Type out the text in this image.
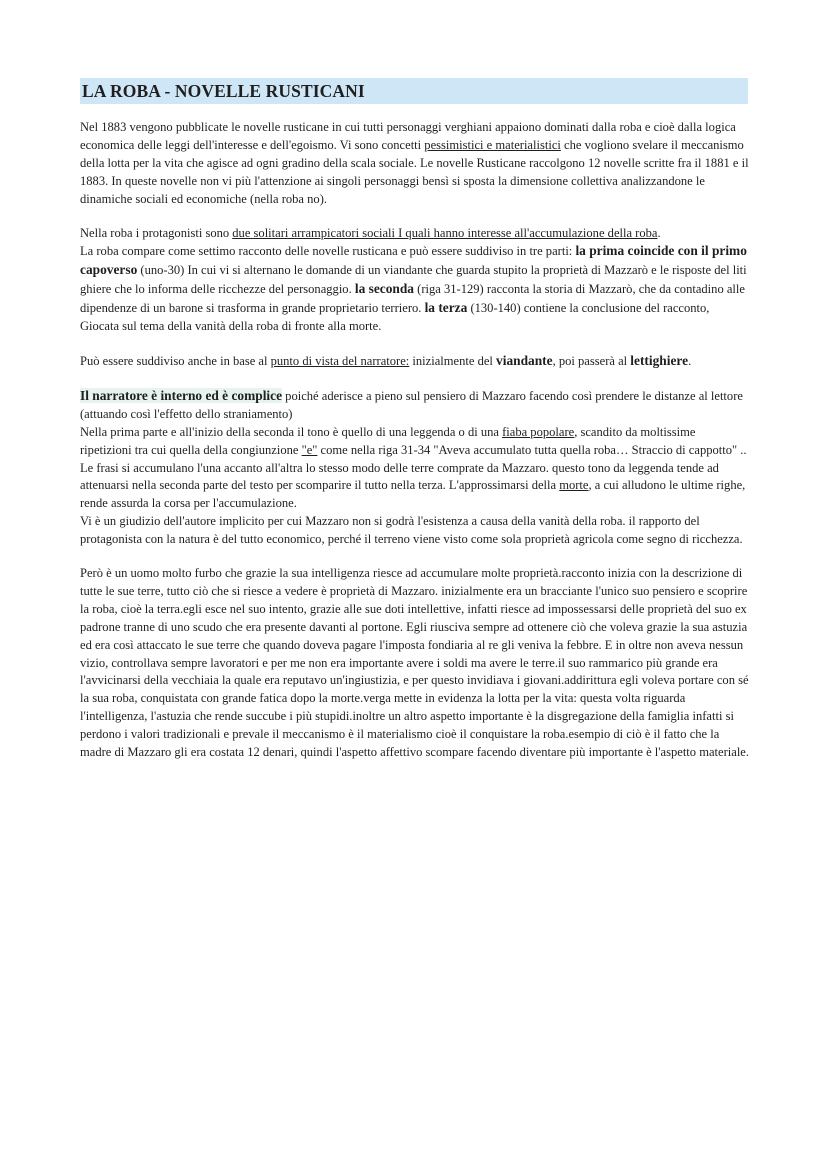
LA ROBA - NOVELLE RUSTICANI

Nel 1883 vengono pubblicate le novelle rusticane in cui tutti personaggi verghiani appaiono dominati dalla roba e cioè dalla logica economica delle leggi dell'interesse e dell'egoismo. Vi sono concetti pessimistici e materialistici che vogliono svelare il meccanismo della lotta per la vita che agisce ad ogni gradino della scala sociale. Le novelle Rusticane raccolgono 12 novelle scritte fra il 1881 e il 1883. In queste novelle non vi più l'attenzione ai singoli personaggi bensì si sposta la dimensione collettiva analizzandone le dinamiche sociali ed economiche (nella roba no).

Nella roba i protagonisti sono due solitari arrampicatori sociali I quali hanno interesse all'accumulazione della roba.

La roba compare come settimo racconto delle novelle rusticana e può essere suddiviso in tre parti: la prima coincide con il primo capoverso (uno-30) In cui vi si alternano le domande di un viandante che guarda stupito la proprietà di Mazzarò e le risposte del liti ghiere che lo informa delle ricchezze del personaggio. la seconda (riga 31-129) racconta la storia di Mazzarò, che da contadino alle dipendenze di un barone si trasforma in grande proprietario terriero. la terza (130-140) contiene la conclusione del racconto, Giocata sul tema della vanità della roba di fronte alla morte.

Può essere suddiviso anche in base al punto di vista del narratore: inizialmente del viandante, poi passerà al lettighiere.

Il narratore è interno ed è complice poiché aderisce a pieno sul pensiero di Mazzaro facendo così prendere le distanze al lettore (attuando così l'effetto dello straniamento)

Nella prima parte e all'inizio della seconda il tono è quello di una leggenda o di una fiaba popolare, scandito da moltissime ripetizioni tra cui quella della congiunzione "e" come nella riga 31-34 "Aveva accumulato tutta quella roba… Straccio di cappotto" .. Le frasi si accumulano l'una accanto all'altra lo stesso modo delle terre comprate da Mazzaro. questo tono da leggenda tende ad attenuarsi nella seconda parte del testo per scomparire il tutto nella terza. L'approssimarsi della morte, a cui alludono le ultime righe, rende assurda la corsa per l'accumulazione.

Vi è un giudizio dell'autore implicito per cui Mazzaro non si godrà l'esistenza a causa della vanità della roba. il rapporto del protagonista con la natura è del tutto economico, perché il terreno viene visto come sola proprietà agricola come segno di ricchezza.

Però è un uomo molto furbo che grazie la sua intelligenza riesce ad accumulare molte proprietà.racconto inizia con la descrizione di tutte le sue terre, tutto ciò che si riesce a vedere è proprietà di Mazzaro. inizialmente era un bracciante l'unico suo pensiero e scoprire la roba, cioè la terra.egli esce nel suo intento, grazie alle sue doti intellettive, infatti riesce ad impossessarsi delle proprietà del suo ex padrone tranne di uno scudo che era presente davanti al portone. Egli riusciva sempre ad ottenere ciò che voleva grazie la sua astuzia ed era così attaccato le sue terre che quando doveva pagare l'imposta fondiaria al re gli veniva la febbre. E in oltre non aveva nessun vizio, controllava sempre lavoratori e per me non era importante avere i soldi ma avere le terre.il suo rammarico più grande era l'avvicinarsi della vecchiaia la quale era reputavo un'ingiustizia, e per questo invidiava i giovani.addirittura egli voleva portare con sé la sua roba, conquistata con grande fatica dopo la morte.verga mette in evidenza la lotta per la vita: questa volta riguarda l'intelligenza, l'astuzia che rende succube i più stupidi.inoltre un altro aspetto importante è la disgregazione della famiglia infatti si perdono i valori tradizionali e prevale il meccanismo è il materialismo cioè il conquistare la roba.esempio di ciò è il fatto che la madre di Mazzaro gli era costata 12 denari, quindi l'aspetto affettivo scompare facendo diventare più importante è l'aspetto materiale.
